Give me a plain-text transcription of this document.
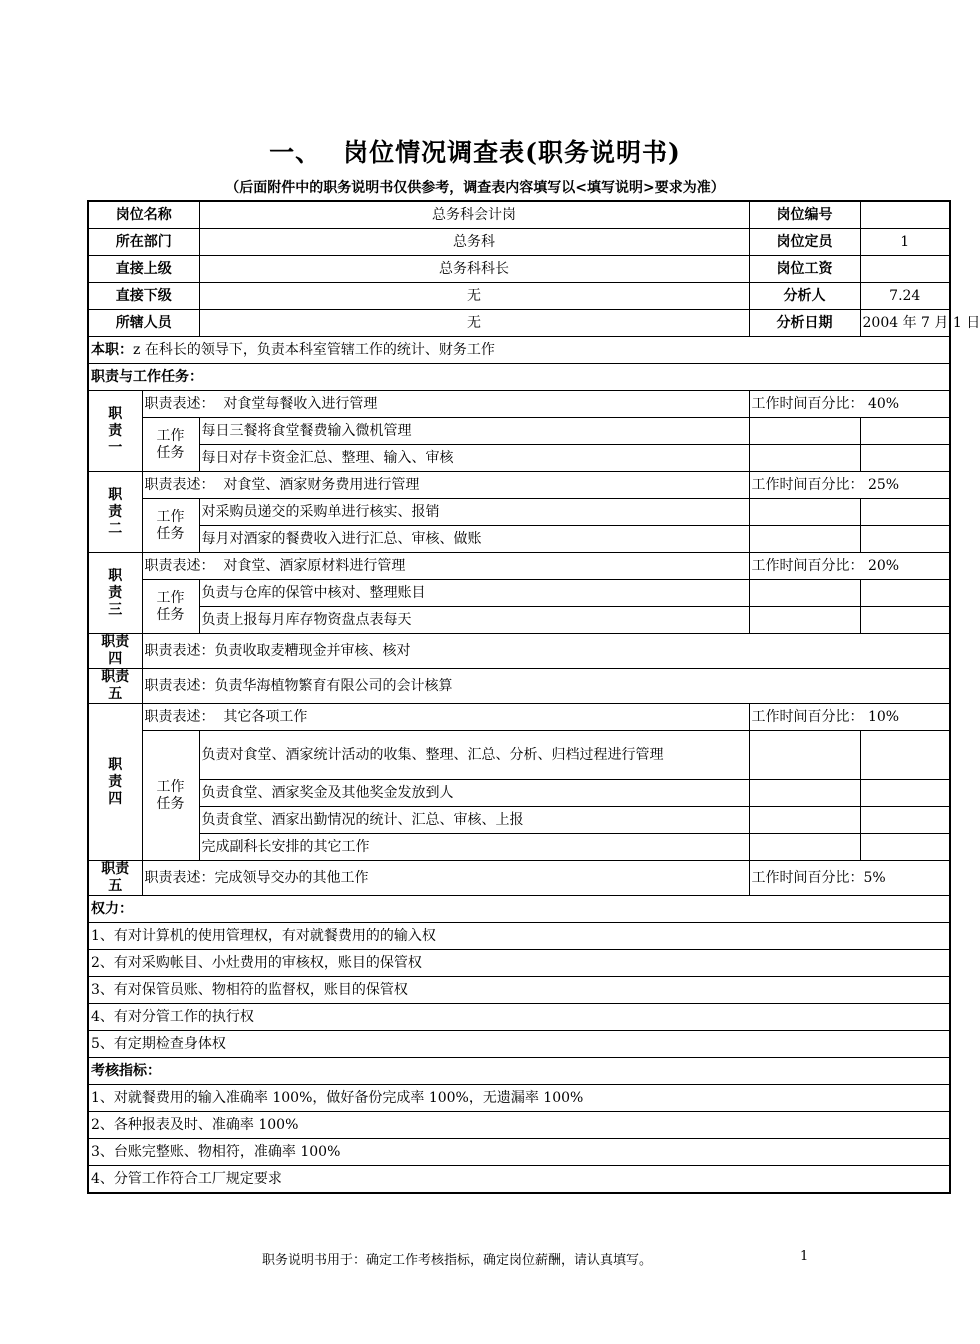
一、 岗位情况调查表(职务说明书)
（后面附件中的职务说明书仅供参考，调查表内容填写以<填写说明>要求为准）
岗位名称		总务科会计岗	岗位编号	
所在部门		总务科	岗位定员	1
直接上级		总务科科长	岗位工资	
直接下级		无	分析人	7.24
所辖人员		无	分析日期	2004 年 7 月 1 日
本职：z 在科长的领导下，负责本科室管辖工作的统计、财务工作				
职责与工作任务：				
职责一	职责表述： 对食堂每餐收入进行管理		工作时间百分比： 40%	
	工作任务	每日三餐将食堂餐费输入微机管理		
		每日对存卡资金汇总、整理、输入、审核		
职责二	职责表述： 对食堂、酒家财务费用进行管理		工作时间百分比： 25%	
	工作任务	对采购员递交的采购单进行核实、报销		
		每月对酒家的餐费收入进行汇总、审核、做账		
职责三	职责表述： 对食堂、酒家原材料进行管理		工作时间百分比： 20%	
	工作任务	负责与仓库的保管中核对、整理账目		
		负责上报每月库存物资盘点表每天		
职责四	职责表述：负责收取麦糟现金并审核、核对			
职责五	职责表述：负责华海植物繁育有限公司的会计核算			
职责四	职责表述： 其它各项工作		工作时间百分比： 10%	
	工作任务	负责对食堂、酒家统计活动的收集、整理、汇总、分析、归档过程进行管理		
		负责食堂、酒家奖金及其他奖金发放到人		
		负责食堂、酒家出勤情况的统计、汇总、审核、上报		
		完成副科长安排的其它工作		
职责五	职责表述：完成领导交办的其他工作		工作时间百分比：5%	
权力：				
1、有对计算机的使用管理权，有对就餐费用的的输入权				
2、有对采购帐目、小灶费用的审核权，账目的保管权				
3、有对保管员账、物相符的监督权，账目的保管权				
4、有对分管工作的执行权				
5、有定期检查身体权				
考核指标：				
1、对就餐费用的输入准确率 100%，做好备份完成率 100%，无遗漏率 100%				
2、各种报表及时、准确率 100%				
3、台账完整账、物相符，准确率 100%				
4、分管工作符合工厂规定要求				
职务说明书用于：确定工作考核指标，确定岗位薪酬，请认真填写。	1
